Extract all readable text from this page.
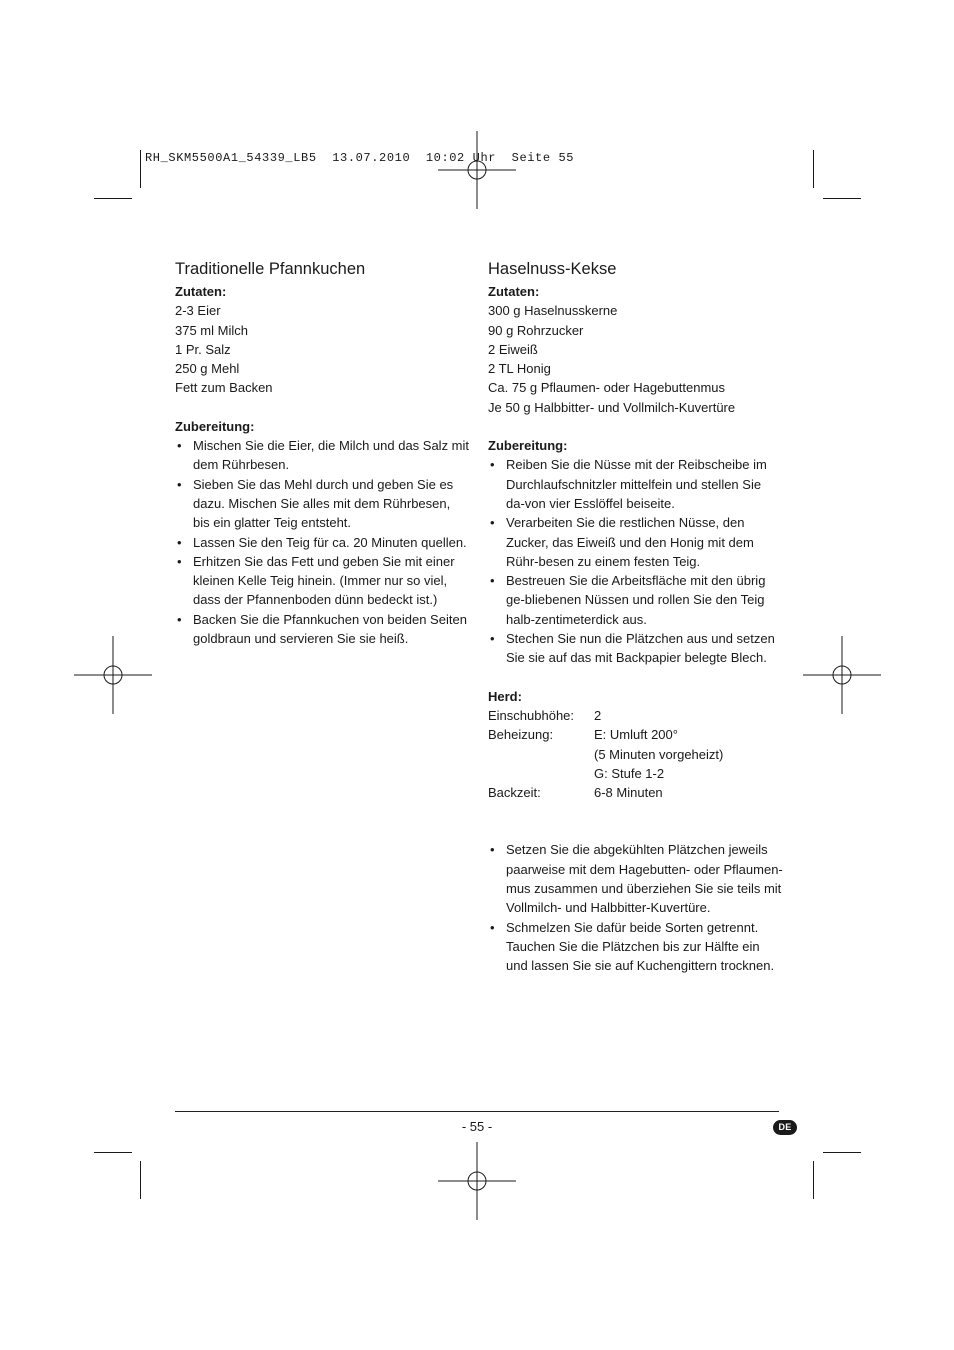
RH_SKM5500A1_54339_LB5  13.07.2010  10:02 Uhr  Seite 55
Traditionelle Pfannkuchen
Zutaten:
2-3 Eier
375 ml Milch
1 Pr. Salz
250 g Mehl
Fett zum Backen
Zubereitung:
• Mischen Sie die Eier, die Milch und das Salz mit dem Rührbesen.
• Sieben Sie das Mehl durch und geben Sie es dazu. Mischen Sie alles mit dem Rührbesen, bis ein glatter Teig entsteht.
• Lassen Sie den Teig für ca. 20 Minuten quellen.
• Erhitzen Sie das Fett und geben Sie mit einer kleinen Kelle Teig hinein. (Immer nur so viel, dass der Pfannenboden dünn bedeckt ist.)
• Backen Sie die Pfannkuchen von beiden Seiten goldbraun und servieren Sie sie heiß.
Haselnuss-Kekse
Zutaten:
300 g Haselnusskerne
90 g Rohrzucker
2 Eiweiß
2 TL Honig
Ca. 75 g Pflaumen- oder Hagebuttenmus
Je 50 g Halbbitter- und Vollmilch-Kuvertüre
Zubereitung:
• Reiben Sie die Nüsse mit der Reibscheibe im Durchlaufschnitzler mittelfein und stellen Sie da-von vier Esslöffel beiseite.
• Verarbeiten Sie die restlichen Nüsse, den Zucker, das Eiweiß und den Honig mit dem Rühr-besen zu einem festen Teig.
• Bestreuen Sie die Arbeitsfläche mit den übrig ge-bliebenen Nüssen und rollen Sie den Teig halb-zentimeterdick aus.
• Stechen Sie nun die Plätzchen aus und setzen Sie sie auf das mit Backpapier belegte Blech.
Herd:
Einschubhöhe:	2
Beheizung:	E: Umluft 200°
(5 Minuten vorgeheizt)
G: Stufe 1-2
Backzeit:	6-8 Minuten
• Setzen Sie die abgekühlten Plätzchen jeweils paarweise mit dem Hagebutten- oder Pflaumen-mus zusammen und überziehen Sie sie teils mit Vollmilch- und Halbbitter-Kuvertüre.
• Schmelzen Sie dafür beide Sorten getrennt. Tauchen Sie die Plätzchen bis zur Hälfte ein und lassen Sie sie auf Kuchengittern trocknen.
- 55 -	DE
